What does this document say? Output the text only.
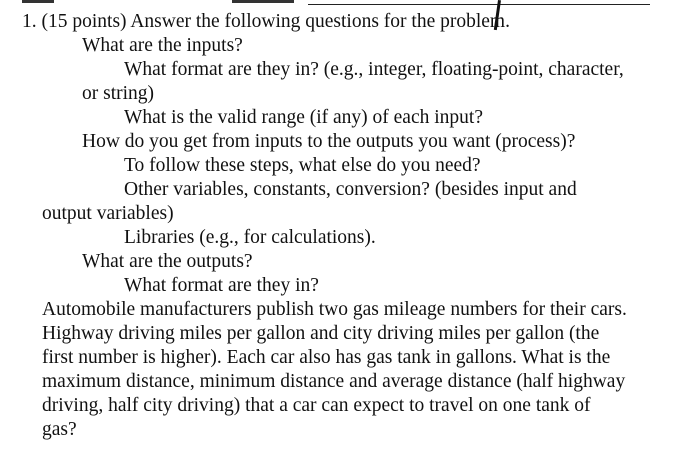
1. (15 points) Answer the following questions for the problem.
What are the inputs?
What format are they in? (e.g., integer, floating-point, character,
or string)
What is the valid range (if any) of each input?
How do you get from inputs to the outputs you want (process)?
To follow these steps, what else do you need?
Other variables, constants, conversion? (besides input and
output variables)
Libraries (e.g., for calculations).
What are the outputs?
What format are they in?
Automobile manufacturers publish two gas mileage numbers for their cars.
Highway driving miles per gallon and city driving miles per gallon (the
first number is higher). Each car also has gas tank in gallons. What is the
maximum distance, minimum distance and average distance (half highway
driving, half city driving) that a car can expect to travel on one tank of
gas?
